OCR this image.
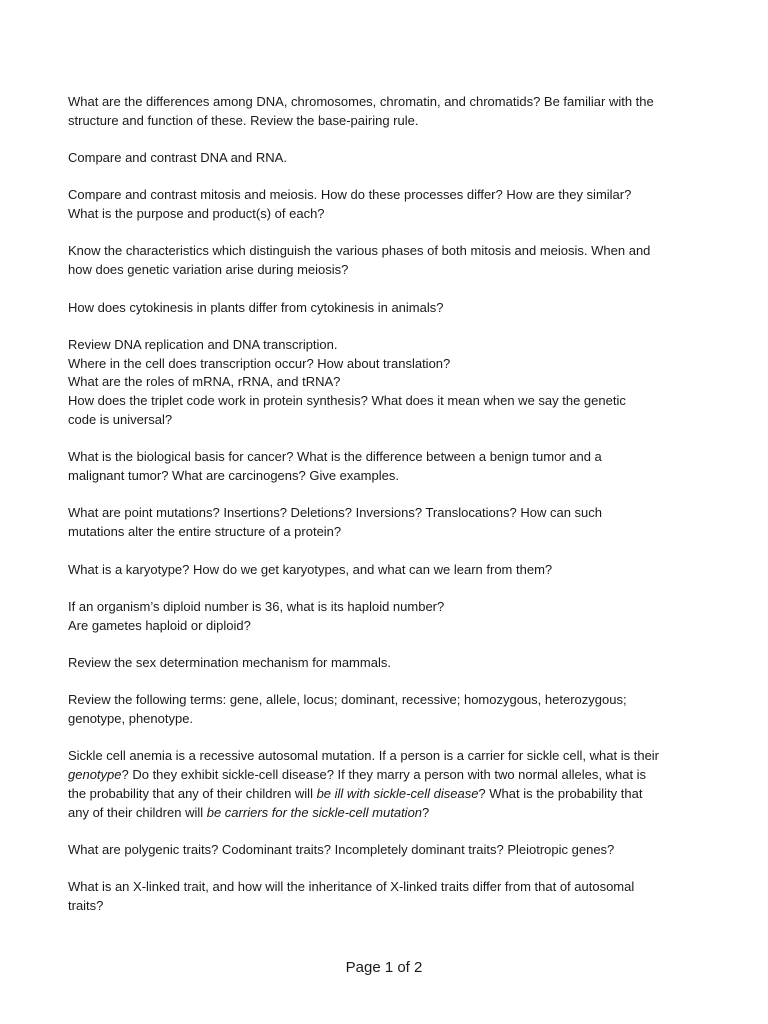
What are the differences among DNA, chromosomes, chromatin, and chromatids? Be familiar with the
structure and function of these. Review the base-pairing rule.

Compare and contrast DNA and RNA.

Compare and contrast mitosis and meiosis. How do these processes differ? How are they similar?
What is the purpose and product(s) of each?

Know the characteristics which distinguish the various phases of both mitosis and meiosis. When and
how does genetic variation arise during meiosis?

How does cytokinesis in plants differ from cytokinesis in animals?

Review DNA replication and DNA transcription.
Where in the cell does transcription occur? How about translation?
What are the roles of mRNA, rRNA, and tRNA?
How does the triplet code work in protein synthesis? What does it mean when we say the genetic
code is universal?

What is the biological basis for cancer? What is the difference between a benign tumor and a
malignant tumor? What are carcinogens? Give examples.

What are point mutations? Insertions? Deletions? Inversions? Translocations? How can such
mutations alter the entire structure of a protein?

What is a karyotype? How do we get karyotypes, and what can we learn from them?

If an organism’s diploid number is 36, what is its haploid number?
Are gametes haploid or diploid?

Review the sex determination mechanism for mammals.

Review the following terms: gene, allele, locus; dominant, recessive; homozygous, heterozygous;
genotype, phenotype.

Sickle cell anemia is a recessive autosomal mutation. If a person is a carrier for sickle cell, what is their
genotype? Do they exhibit sickle-cell disease? If they marry a person with two normal alleles, what is
the probability that any of their children will be ill with sickle-cell disease? What is the probability that
any of their children will be carriers for the sickle-cell mutation?

What are polygenic traits? Codominant traits? Incompletely dominant traits? Pleiotropic genes?

What is an X-linked trait, and how will the inheritance of X-linked traits differ from that of autosomal
traits?

Page 1 of 2
